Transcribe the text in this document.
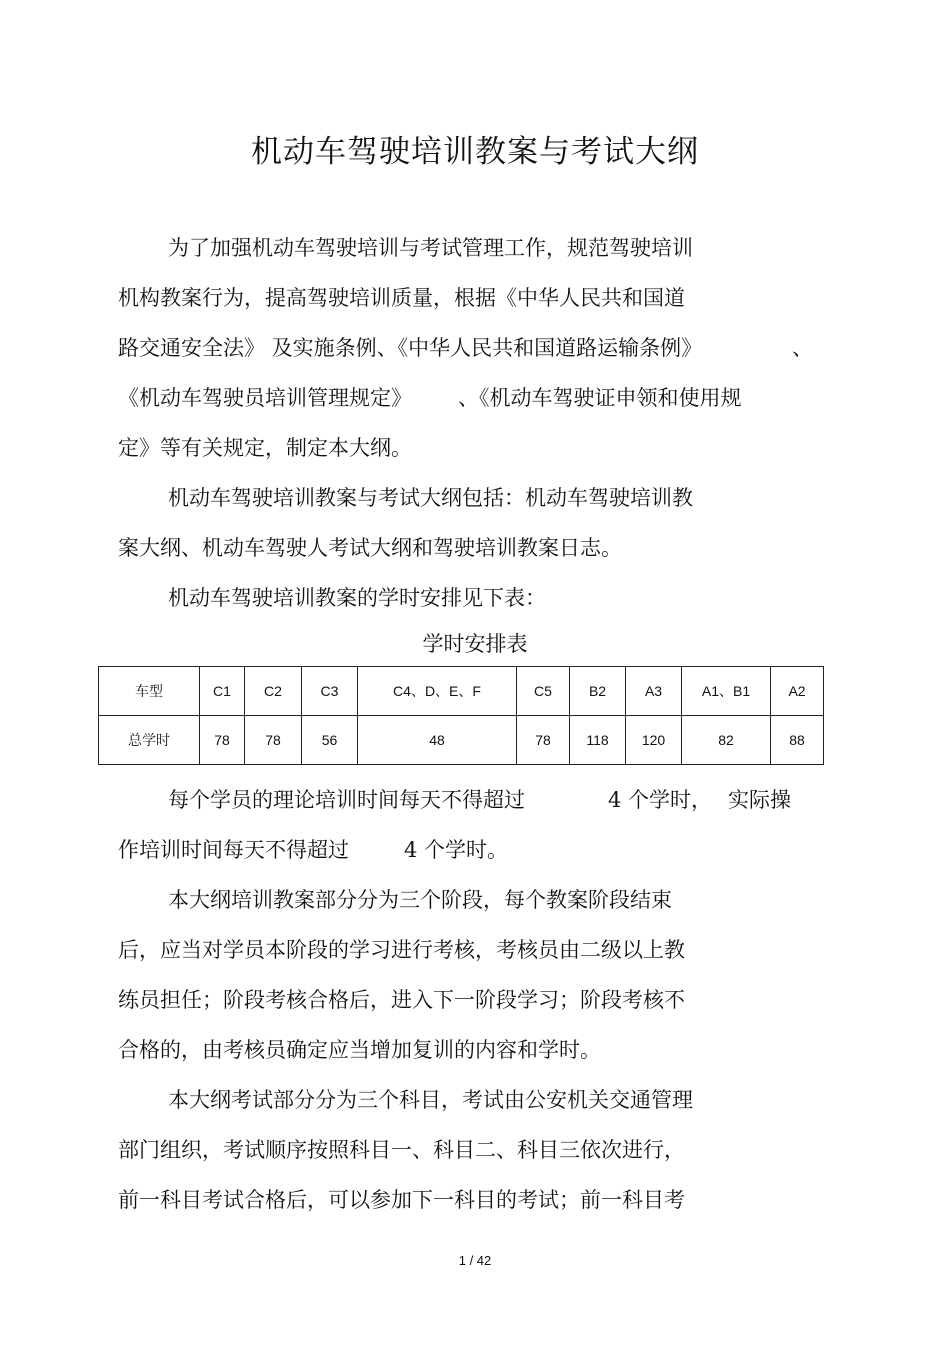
机动车驾驶培训教案与考试大纲
为了加强机动车驾驶培训与考试管理工作，规范驾驶培训
机构教案行为，提高驾驶培训质量，根据《中华人民共和国道
路交通安全法》 及实施条例、《中华人民共和国道路运输条例》	、
《机动车驾驶员培训管理规定》 、《机动车驾驶证申领和使用规
定》等有关规定，制定本大纲。
机动车驾驶培训教案与考试大纲包括：机动车驾驶培训教
案大纲、机动车驾驶人考试大纲和驾驶培训教案日志。
机动车驾驶培训教案的学时安排见下表：
学时安排表
车型	C1	C2	C3	C4、D、E、F	C5	B2	A3	A1、B1	A2
总学时	78	78	56	48	78	118	120	82	88
每个学员的理论培训时间每天不得超过	4 个学时， 实际操
作培训时间每天不得超过	4 个学时。
本大纲培训教案部分分为三个阶段，每个教案阶段结束
后，应当对学员本阶段的学习进行考核，考核员由二级以上教
练员担任；阶段考核合格后，进入下一阶段学习；阶段考核不
合格的，由考核员确定应当增加复训的内容和学时。
本大纲考试部分分为三个科目，考试由公安机关交通管理
部门组织，考试顺序按照科目一、科目二、科目三依次进行，
前一科目考试合格后，可以参加下一科目的考试；前一科目考
1 / 42
